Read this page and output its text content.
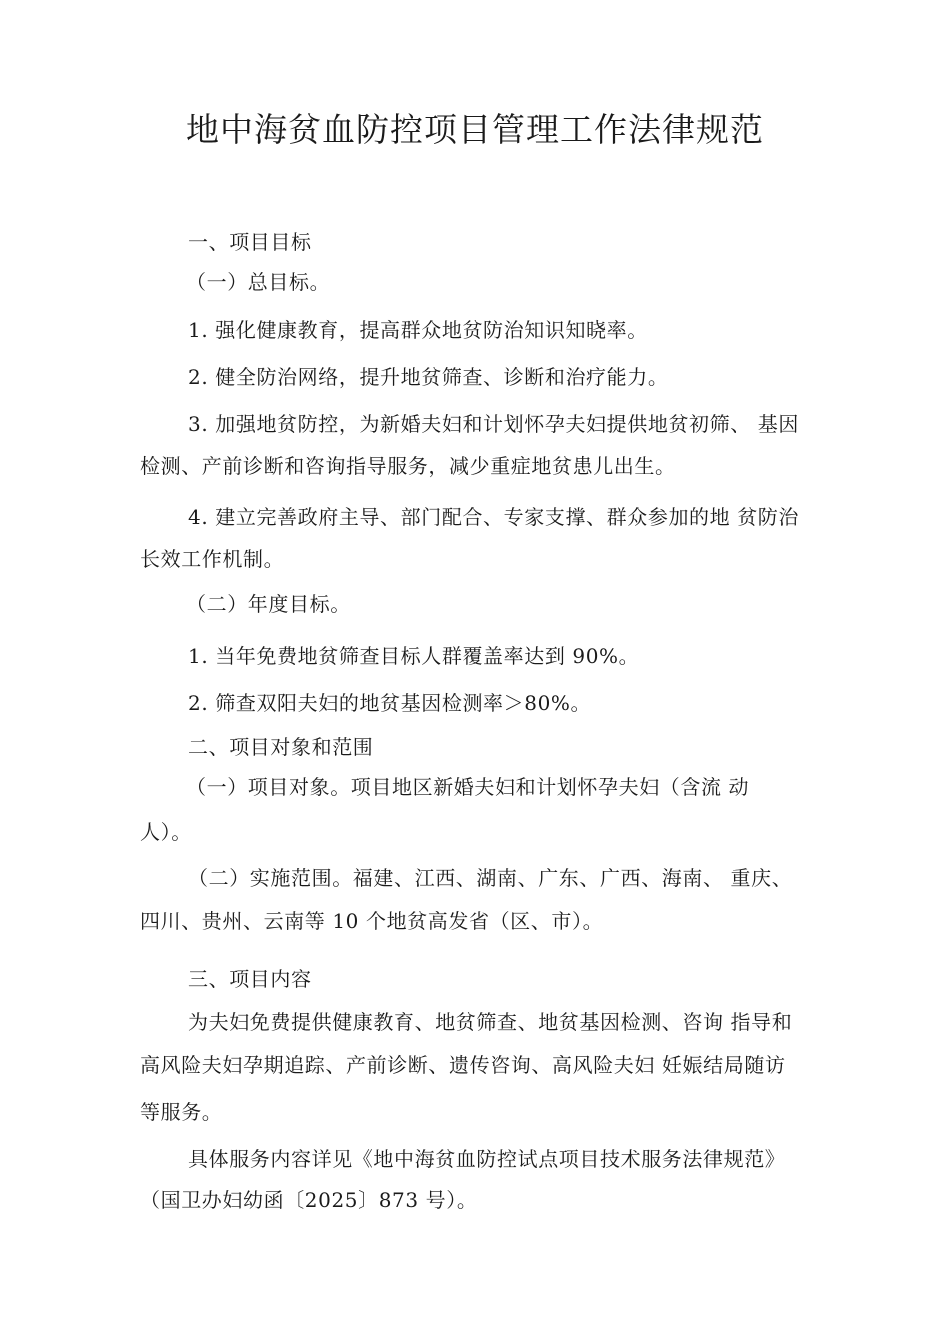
地中海贫血防控项目管理工作法律规范
一、项目目标
（一）总目标。
1. 强化健康教育，提高群众地贫防治知识知晓率。
2. 健全防治网络，提升地贫筛查、诊断和治疗能力。
3. 加强地贫防控，为新婚夫妇和计划怀孕夫妇提供地贫初筛、 基因
检测、产前诊断和咨询指导服务，减少重症地贫患儿出生。
4. 建立完善政府主导、部门配合、专家支撑、群众参加的地 贫防治
长效工作机制。
（二）年度目标。
1. 当年免费地贫筛查目标人群覆盖率达到 90%。
2. 筛查双阳夫妇的地贫基因检测率＞80%。
二、项目对象和范围
（一）项目对象。项目地区新婚夫妇和计划怀孕夫妇（含流 动
人）。
（二）实施范围。福建、江西、湖南、广东、广西、海南、 重庆、
四川、贵州、云南等 10 个地贫高发省（区、市）。
三、项目内容
为夫妇免费提供健康教育、地贫筛查、地贫基因检测、咨询 指导和
高风险夫妇孕期追踪、产前诊断、遗传咨询、高风险夫妇 妊娠结局随访
等服务。
具体服务内容详见《地中海贫血防控试点项目技术服务法律规范》
（国卫办妇幼函〔2025〕873 号）。
